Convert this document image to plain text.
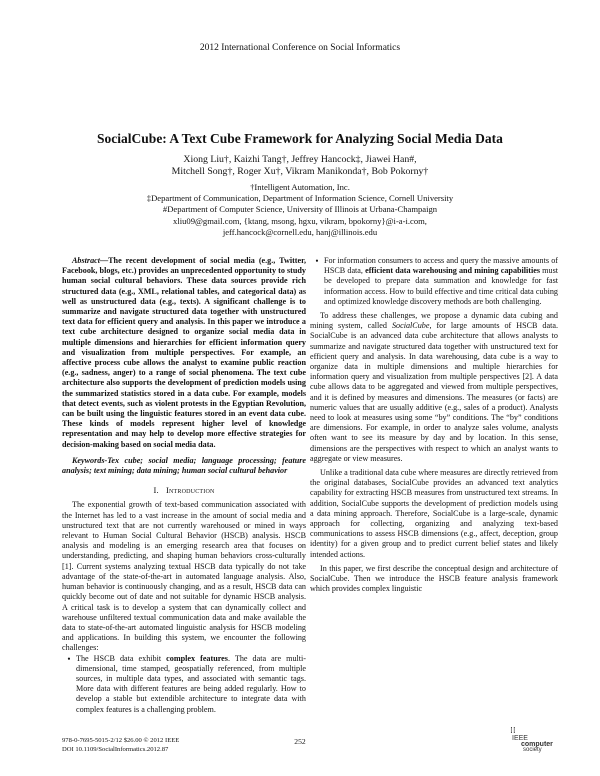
2012 International Conference on Social Informatics
SocialCube: A Text Cube Framework for Analyzing Social Media Data
Xiong Liu†, Kaizhi Tang†, Jeffrey Hancock‡, Jiawei Han#,
Mitchell Song†, Roger Xu†, Vikram Manikonda†, Bob Pokorny†
†Intelligent Automation, Inc.
‡Department of Communication, Department of Information Science, Cornell University
#Department of Computer Science, University of Illinois at Urbana-Champaign
xliu09@gmail.com, {ktang, msong, hgxu, vikram, bpokorny}@i-a-i.com,
jeff.hancock@cornell.edu, hanj@illinois.edu

Abstract—The recent development of social media (e.g., Twitter, Facebook, blogs, etc.) provides an unprecedented opportunity to study human social cultural behaviors. These data sources provide rich structured data (e.g., XML, relational tables, and categorical data) as well as unstructured data (e.g., texts). A significant challenge is to summarize and navigate structured data together with unstructured text data for efficient query and analysis. In this paper we introduce a text cube architecture designed to organize social media data in multiple dimensions and hierarchies for efficient information query and visualization from multiple perspectives. For example, an affective process cube allows the analyst to examine public reaction (e.g., sadness, anger) to a range of social phenomena. The text cube architecture also supports the development of prediction models using the summarized statistics stored in a data cube. For example, models that detect events, such as violent protests in the Egyptian Revolution, can be built using the linguistic features stored in an event data cube. These kinds of models represent higher level of knowledge representation and may help to develop more effective strategies for decision-making based on social media data.

Keywords-Tex cube; social media; language processing; feature analysis; text mining; data mining; human social cultural behavior

I. Introduction

The exponential growth of text-based communication associated with the Internet has led to a vast increase in the amount of social media and unstructured text that are not currently warehoused or mined in ways relevant to Human Social Cultural Behavior (HSCB) analysis. HSCB analysis and modeling is an emerging research area that focuses on understanding, predicting, and shaping human behaviors cross-culturally [1]. Current systems analyzing textual HSCB data typically do not take advantage of the state-of-the-art in automated language analysis. Also, human behavior is continuously changing, and as a result, HSCB data can quickly become out of date and not suitable for dynamic HSCB analysis. A critical task is to develop a system that can dynamically collect and warehouse unfiltered textual communication data and make available the data to state-of-the-art automated linguistic analysis for HSCB modeling and applications. In building this system, we encounter the following challenges:

• The HSCB data exhibit complex features. The data are multi-dimensional, time stamped, geospatially referenced, from multiple sources, in multiple data types, and associated with semantic tags. More data with different features are being added regularly. How to develop a stable but extendible architecture to integrate data with complex features is a challenging problem.
• For information consumers to access and query the massive amounts of HSCB data, efficient data warehousing and mining capabilities must be developed to prepare data summation and knowledge for fast information access. How to build effective and time critical data cubing and optimized knowledge discovery methods are both challenging.

To address these challenges, we propose a dynamic data cubing and mining system, called SocialCube, for large amounts of HSCB data. SocialCube is an advanced data cube architecture that allows analysts to summarize and navigate structured data together with unstructured text for efficient query and analysis. In data warehousing, data cube is a way to organize data in multiple dimensions and multiple hierarchies for information query and visualization from multiple perspectives [2]. A data cube allows data to be aggregated and viewed from multiple perspectives, and it is defined by measures and dimensions. The measures (or facts) are numeric values that are usually additive (e.g., sales of a product). Analysts need to look at measures using some “by” conditions. The “by” conditions are dimensions. For example, in order to analyze sales volume, analysts often want to see its measure by day and by location. In this sense, dimensions are the perspectives with respect to which an analyst wants to aggregate or view measures.

Unlike a traditional data cube where measures are directly retrieved from the original databases, SocialCube provides an advanced text analytics capability for extracting HSCB measures from unstructured text streams. In addition, SocialCube supports the development of prediction models using a data mining approach. Therefore, SocialCube is a large-scale, dynamic approach for collecting, organizing and analyzing text-based communications to assess HSCB dimensions (e.g., affect, deception, group identity) for a given group and to predict current belief states and likely intended actions.

In this paper, we first describe the conceptual design and architecture of SocialCube. Then we introduce the HSCB feature analysis framework which provides complex linguistic

978-0-7695-5015-2/12 $26.00 © 2012 IEEE
DOI 10.1109/SocialInformatics.2012.87
252
⁞⁞
IEEE
computer
society
